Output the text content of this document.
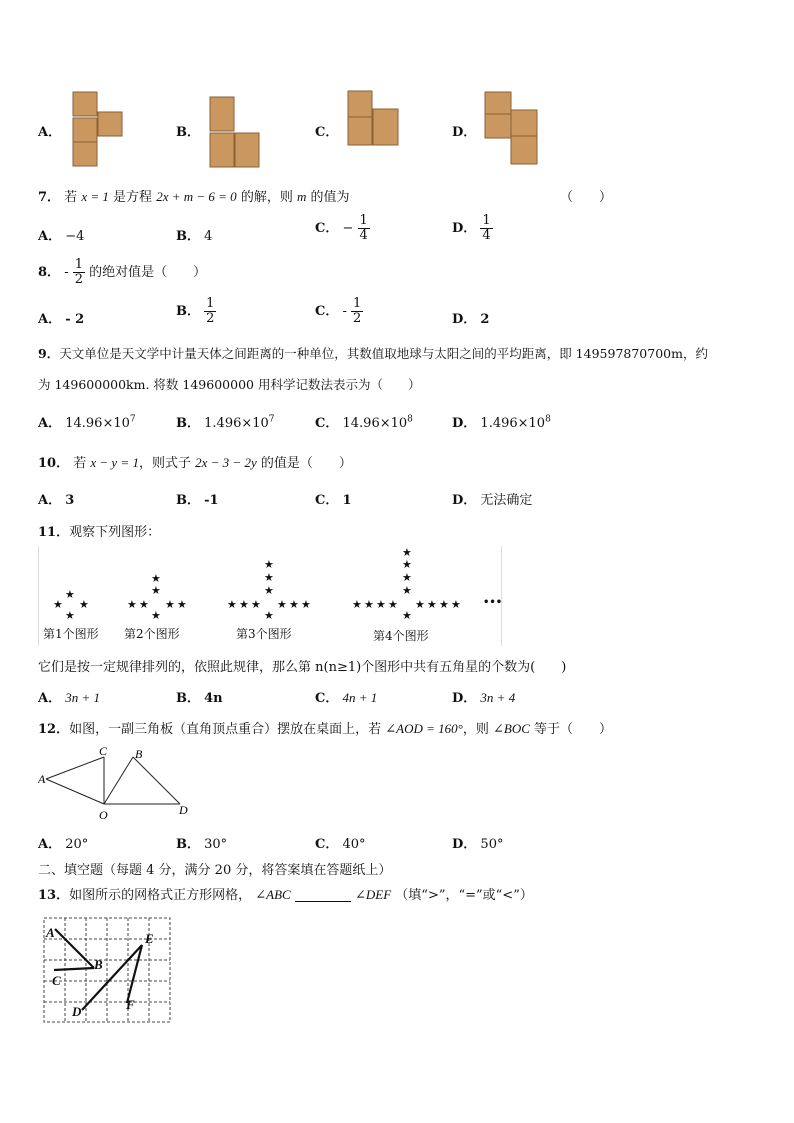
A．	B．	C．	D．
7． 若 x = 1 是方程 2x + m − 6 = 0 的解，则 m 的值为	（　　）
A． −4	B． 4
C． − $\frac{1}{4}$	D． $\frac{1}{4}$
8． - $\frac{1}{2}$ 的绝对值是（　　）
A． - 2
B． $\frac{1}{2}$	C． - $\frac{1}{2}$	D． 2
9．天文单位是天文学中计量天体之间距离的一种单位，其数值取地球与太阳之间的平均距离，即 149597870700m，约
为 149600000km. 将数 149600000 用科学记数法表示为（　　）
A． $14.96\times 10^7$	B． $1.496\times 10^7$	C． $14.96\times 10^8$	D． $1.496\times 10^8$
10． 若 x − y = 1，则式子 2x − 3 − 2y 的值是（　　）
A． 3	B． -1	C． 1	D． 无法确定
11．观察下列图形：
★
★ ★
★
★
★
★ ★ ★ ★
★
★
★
★
★ ★ ★ ★ ★ ★
★
★
★
★
★
★ ★ ★ ★ ★ ★ ★ ★
★
•••
第1个图形 第2个图形	第3个图形	第4个图形
它们是按一定规律排列的，依照此规律，那么第 n(n≥1)个图形中共有五角星的个数为(　　)
A． 3n + 1	B． 4n	C． 4n + 1	D． 3n + 4
12．如图，一副三角板（直角顶点重合）摆放在桌面上，若 ∠AOD = 160°，则 ∠BOC 等于（　　）
A
C B
D
O
A． 20°	B． 30°	C． 40°	D． 50°
二、填空题（每题 4 分，满分 20 分，将答案填在答题纸上）
13．如图所示的网格式正方形网格， ∠ABC	∠DEF （填“>”，“=”或“<”）
A
B
C
D
E
F
